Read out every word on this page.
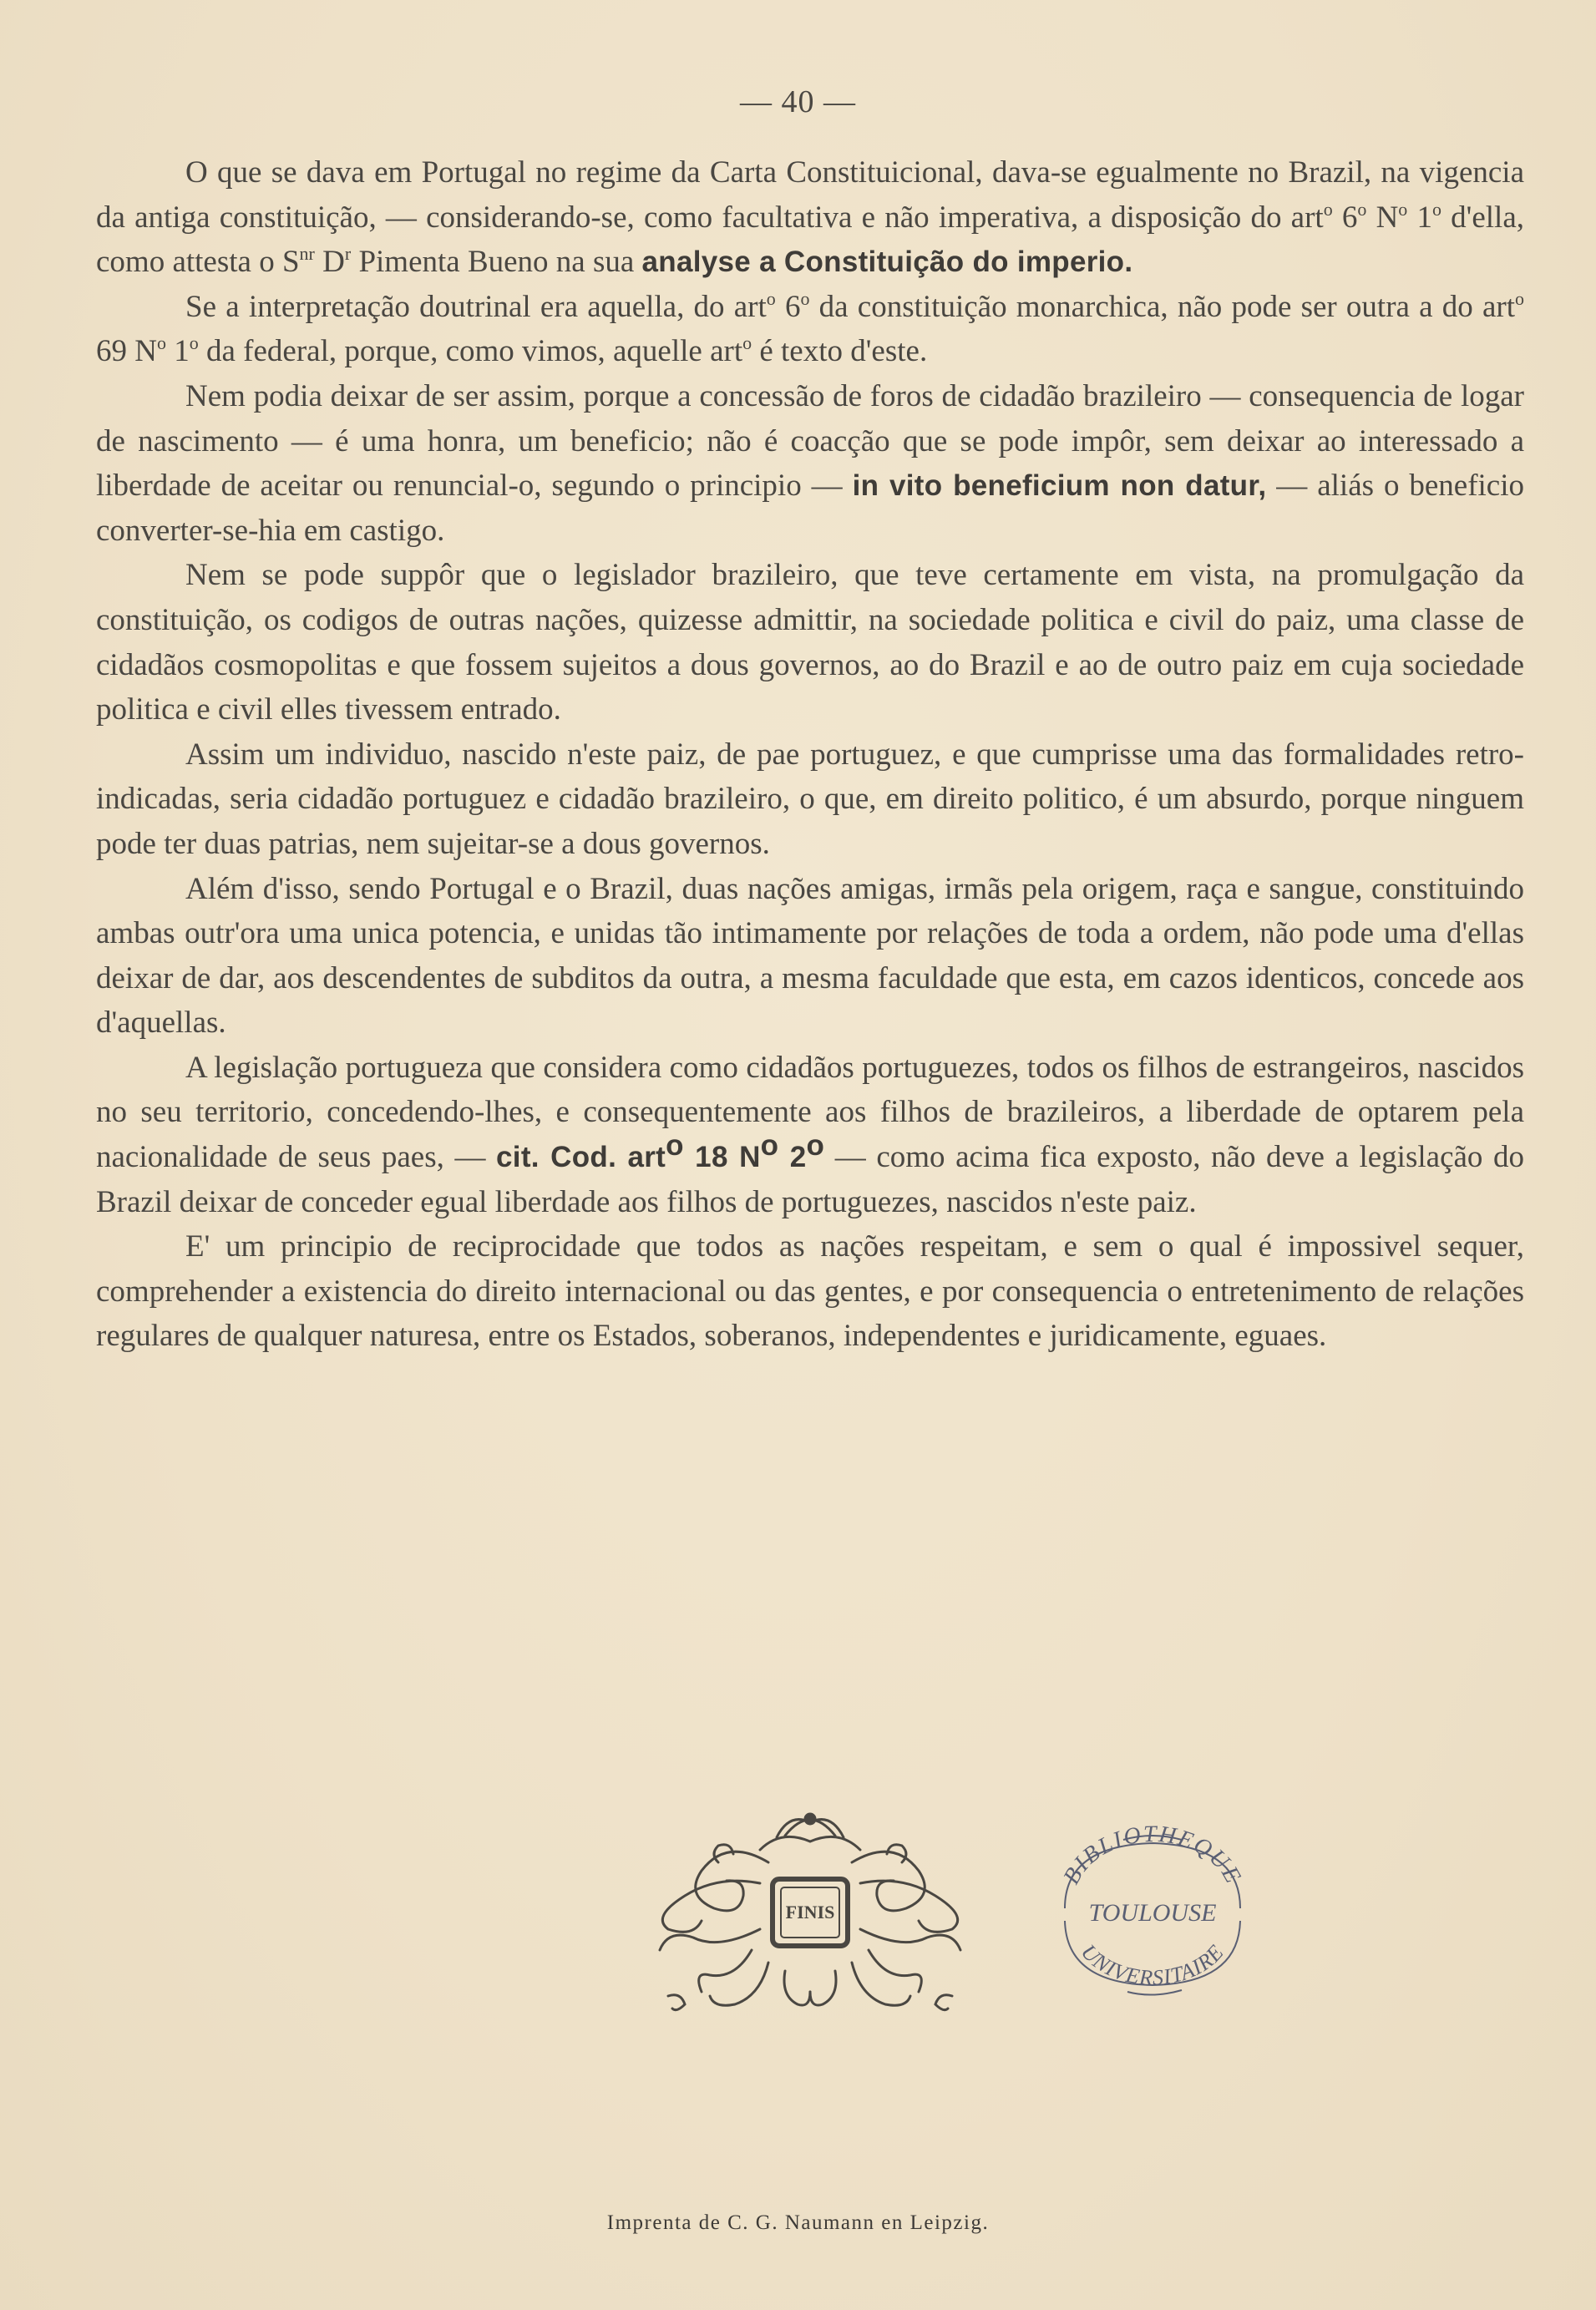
— 40 —

O que se dava em Portugal no regime da Carta Constituicional, dava-se egualmente no Brazil, na vigencia da antiga constituição, — considerando-se, como facultativa e não imperativa, a disposição do art$^o$ 6$^o$ $N^o$ 1$^o$ d'ella, como attesta o $S^{nr}$ $D^r$ Pimenta Bueno na sua analyse a Constituição do imperio.

Se a interpretação doutrinal era aquella, do art$^o$ 6$^o$ da constituição monarchica, não pode ser outra a do art$^o$ 69 $N^o$ 1$^o$ da federal, porque, como vimos, aquelle art$^o$ é texto d'este.

Nem podia deixar de ser assim, porque a concessão de foros de cidadão brazileiro — consequencia de logar de nascimento — é uma honra, um beneficio; não é coacção que se pode impôr, sem deixar ao interessado a liberdade de aceitar ou renuncial-o, segundo o principio — in vito beneficium non datur, — aliás o beneficio converter-se-hia em castigo.

Nem se pode suppôr que o legislador brazileiro, que teve certamente em vista, na promulgação da constituição, os codigos de outras nações, quizesse admittir, na sociedade politica e civil do paiz, uma classe de cidadãos cosmopolitas e que fossem sujeitos a dous governos, ao do Brazil e ao de outro paiz em cuja sociedade politica e civil elles tivessem entrado.

Assim um individuo, nascido n'este paiz, de pae portuguez, e que cumprisse uma das formalidades retro-indicadas, seria cidadão portuguez e cidadão brazileiro, o que, em direito politico, é um absurdo, porque ninguem pode ter duas patrias, nem sujeitar-se a dous governos.

Além d'isso, sendo Portugal e o Brazil, duas nações amigas, irmãs pela origem, raça e sangue, constituindo ambas outr'ora uma unica potencia, e unidas tão intimamente por relações de toda a ordem, não pode uma d'ellas deixar de dar, aos descendentes de subditos da outra, a mesma faculdade que esta, em cazos identicos, concede aos d'aquellas.

A legislação portugueza que considera como cidadãos portuguezes, todos os filhos de estrangeiros, nascidos no seu territorio, concedendo-lhes, e consequentemente aos filhos de brazileiros, a liberdade de optarem pela nacionalidade de seus paes, — cit. Cod. art$^o$ 18 $N^o$ 2$^o$ — como acima fica exposto, não deve a legislação do Brazil deixar de conceder egual liberdade aos filhos de portuguezes, nascidos n'este paiz.

E' um principio de reciprocidade que todos as nações respeitam, e sem o qual é impossivel sequer, comprehender a existencia do direito internacional ou das gentes, e por consequencia o entretenimento de relações regulares de qualquer naturesa, entre os Estados, soberanos, independentes e juridicamente, eguaes.

FINIS
BIBLIOTHEQUE
TOULOUSE
UNIVERSITAIRE
Imprenta de C. G. Naumann en Leipzig.
